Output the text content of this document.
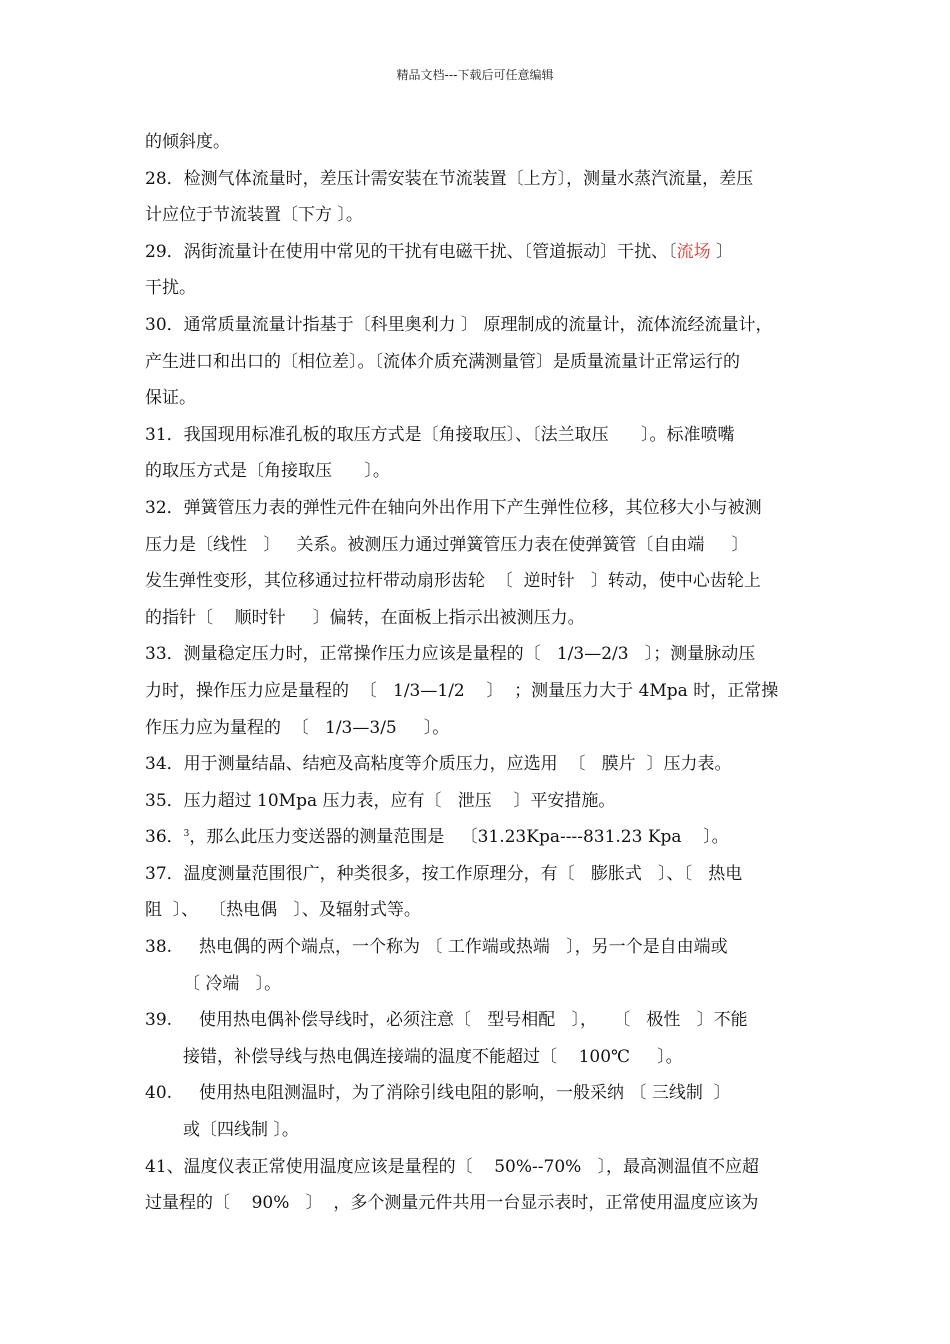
精品文档---下载后可任意编辑
的倾斜度。
28．检测气体流量时，差压计需安装在节流装置〔上方〕，测量水蒸汽流量，差压
计应位于节流装置〔下方 〕。
29．涡街流量计在使用中常见的干扰有电磁干扰、〔管道振动〕干扰、〔流场 〕
干扰。
30．通常质量流量计指基于〔科里奥利力 〕 原理制成的流量计，流体流经流量计，
产生进口和出口的〔相位差〕。〔流体介质充满测量管〕是质量流量计正常运行的
保证。
31．我国现用标准孔板的取压方式是〔角接取压〕、〔法兰取压      〕。标准喷嘴
的取压方式是〔角接取压      〕。
32．弹簧管压力表的弹性元件在轴向外出作用下产生弹性位移，其位移大小与被测
压力是〔线性   〕   关系。被测压力通过弹簧管压力表在使弹簧管〔自由端     〕
发生弹性变形，其位移通过拉杆带动扇形齿轮  〔  逆时针   〕转动，使中心齿轮上
的指针〔    顺时针     〕偏转，在面板上指示出被测压力。
33．测量稳定压力时，正常操作压力应该是量程的〔   1/3—2/3   〕；测量脉动压
力时，操作压力应是量程的  〔   1/3—1/2    〕  ；测量压力大于 4Mpa 时，正常操
作压力应为量程的  〔   1/3—3/5     〕。
34．用于测量结晶、结疤及高粘度等介质压力，应选用  〔   膜片  〕压力表。
35．压力超过 10Mpa 压力表，应有〔   泄压    〕平安措施。
36．$^3$，那么此压力变送器的测量范围是   〔31.23Kpa----831.23 Kpa    〕。
37．温度测量范围很广，种类很多，按工作原理分，有〔   膨胀式   〕、〔   热电
阻  〕、  〔热电偶   〕、及辐射式等。
38.     热电偶的两个端点，一个称为 〔 工作端或热端   〕，另一个是自由端或
〔 冷端   〕。
39.     使用热电偶补偿导线时，必须注意〔   型号相配   〕，   〔   极性   〕不能
接错，补偿导线与热电偶连接端的温度不能超过〔    100℃     〕。
40.     使用热电阻测温时，为了消除引线电阻的影响，一般采纳 〔 三线制  〕
或〔四线制 〕。
41、温度仪表正常使用温度应该是量程的〔    50%--70%   〕，最高测温值不应超
过量程的〔    90%   〕  ，多个测量元件共用一台显示表时，正常使用温度应该为
